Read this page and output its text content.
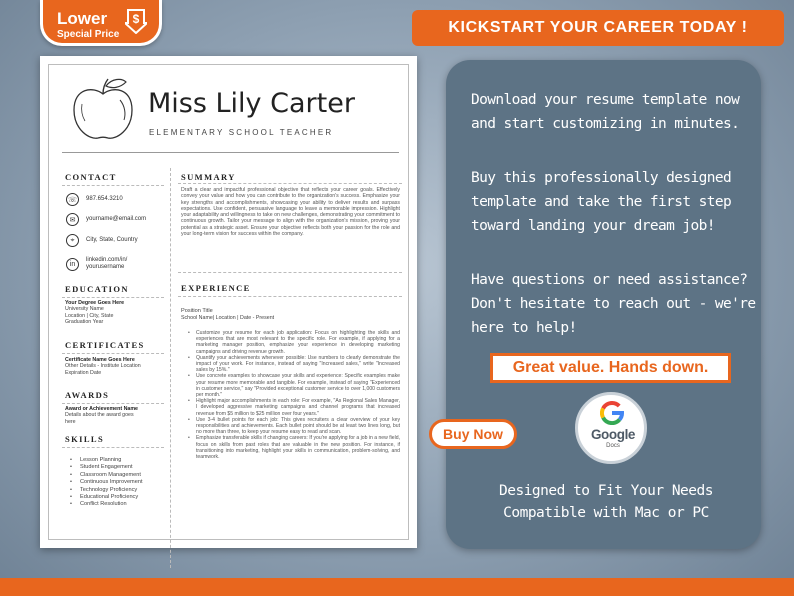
Lower
Special Price
$	KICKSTART YOUR CAREER TODAY !
Miss Lily Carter
ELEMENTARY SCHOOL TEACHER
CONTACT
☏	987.654.3210
✉	yourname@email.com
⌖	City, State, Country
in
linkedin.com/in/
yourusername
EDUCATION
Your Degree Goes Here
University Name
Location | City, State
Graduation Year
CERTIFICATES
Certificate Name Goes Here
Other Details - Institute Location
Expiration Date
AWARDS
Award or Achievement Name
Details about the award goes
here
SKILLS
• Lesson Planning
• Student Engagement
• Classroom Management
• Continuous Improvement
• Technology Proficiency
• Educational Proficiency
• Conflict Resolution
SUMMARY
Draft a clear and impactful professional objective that reflects your career goals. Effectively convey your value and how you can contribute to the organization's success. Emphasize your key strengths and accomplishments, showcasing your ability to deliver results and surpass expectations. Use confident, persuasive language to leave a memorable impression. Highlight your adaptability and willingness to take on new challenges, demonstrating your commitment to continuous growth. Tailor your message to align with the organization's mission, proving your potential as a strategic asset. Ensure your objective reflects both your passion for the role and your long-term vision for success within the company.
EXPERIENCE
Position Title
School Name| Location | Date - Present
• Customize your resume for each job application: Focus on highlighting the skills and experiences that are most relevant to the specific role. For example, if applying for a marketing manager position, emphasize your experience in developing marketing campaigns and driving revenue growth.
• Quantify your achievements whenever possible: Use numbers to clearly demonstrate the impact of your work. For instance, instead of saying "Increased sales," write "Increased sales by 15%."
• Use concrete examples to showcase your skills and experience: Specific examples make your resume more memorable and tangible. For example, instead of saying "Experienced in customer service," say "Provided exceptional customer service to over 1,000 customers per month."
• Highlight major accomplishments in each role: For example, "As Regional Sales Manager, I developed aggressive marketing campaigns and channel programs that increased revenue from $5 million to $25 million over four years."
• Use 3-4 bullet points for each job: This gives recruiters a clear overview of your key responsibilities and achievements. Each bullet point should be at least two lines long, but no more than three, to keep your resume easy to read and scan.
• Emphasize transferable skills if changing careers: If you're applying for a job in a new field, focus on skills from past roles that are valuable in the new position. For instance, if transitioning into marketing, highlight your skills in communication, problem-solving, and teamwork.
Download your resume template now and start customizing in minutes.
Buy this professionally designed template and take the first step toward landing your dream job!
Have questions or need assistance? Don't hesitate to reach out - we're here to help!
Great value. Hands down.
Google
Docs
Buy Now
Designed to Fit Your Needs
Compatible with Mac or PC
